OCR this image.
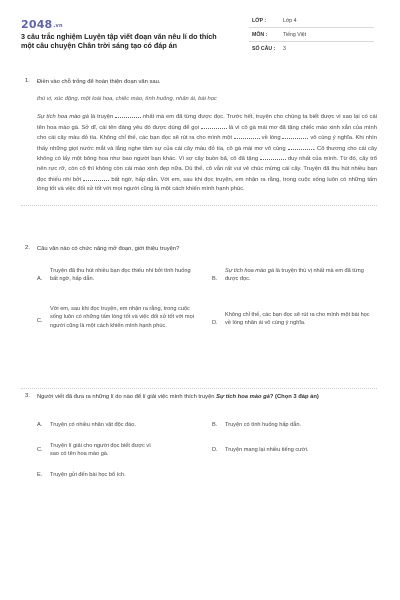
2048.vn
3 câu trắc nghiệm Luyện tập viết đoạn văn nêu lí do thích một câu chuyện Chân trời sáng tạo có đáp án
LỚP :	Lớp 4
MÔN :	Tiếng Việt
SỐ CÂU : 3
1. Điền vào chỗ trống để hoàn thiện đoạn văn sau.
thú vị, xúc động, một loài hoa, chiếc mào, tình huống, nhân ái, bài học
Sự tích hoa mào gà là truyện	nhất mà em đã từng được đọc. Trước hết, truyện cho chúng ta biết được vì sao lại có cái tên hoa mào gà. Sở dĩ, cái tên đáng yêu đó được dùng để gọi	là vì cô gà mái mơ đã tặng chiếc mào xinh xắn của mình cho cái cây màu đỏ tía. Không chỉ thế, các bạn đọc sẽ rút ra cho mình một	về lòng	vô cùng ý nghĩa. Khi nhìn thấy những giọt nước mắt và lắng nghe tâm sự của cái cây màu đỏ tía, cô gà mái mơ vô cùng	. Cô thương cho cái cây không có lấy một bông hoa như bao người bạn khác. Vì sợ cây buồn bã, cô đã tặng	duy nhất của mình. Từ đó, cây trổ nên rực rỡ, còn cô thì không còn cái mào xinh đẹp nữa. Dù thế, cô vẫn rất vui vẻ chúc mừng cái cây. Truyện đã thu hút nhiều bạn đọc thiếu nhi bởi	bất ngờ, hấp dẫn. Với em, sau khi đọc truyện, em nhận ra rằng, trong cuộc sống luôn có những tấm lòng tốt và việc đối xử tốt với mọi người cũng là một cách khiến mình hạnh phúc.
2. Câu văn nào có chức năng mở đoạn, giới thiệu truyện?
A.
Truyện đã thu hút nhiều bạn đọc thiếu nhi bởi tình huống bất ngờ, hấp dẫn.	B.
Sự tích hoa mào gà là truyện thú vị nhất mà em đã từng được đọc.
C.
Với em, sau khi đọc truyện, em nhận ra rằng, trong cuộc sống luôn có những tấm lòng tốt và việc đối xử tốt với mọi người cũng là một cách khiến mình hạnh phúc.	D.
Không chỉ thế, các bạn đọc sẽ rút ra cho mình một bài học về lòng nhân ái vô cùng ý nghĩa.
3. Người viết đã đưa ra những lí do nào để lí giải việc mình thích truyện Sự tích hoa mào gà? (Chọn 3 đáp án)
A. Truyện có nhiều nhân vật độc đáo.	B. Truyện có tình huống hấp dẫn.
C.
Truyện lí giải cho người đọc biết được vì sao có tên hoa mào gà.
D. Truyện mang lại nhiều tiếng cười.
E. Truyện gửi đến bài học bổ ích.
